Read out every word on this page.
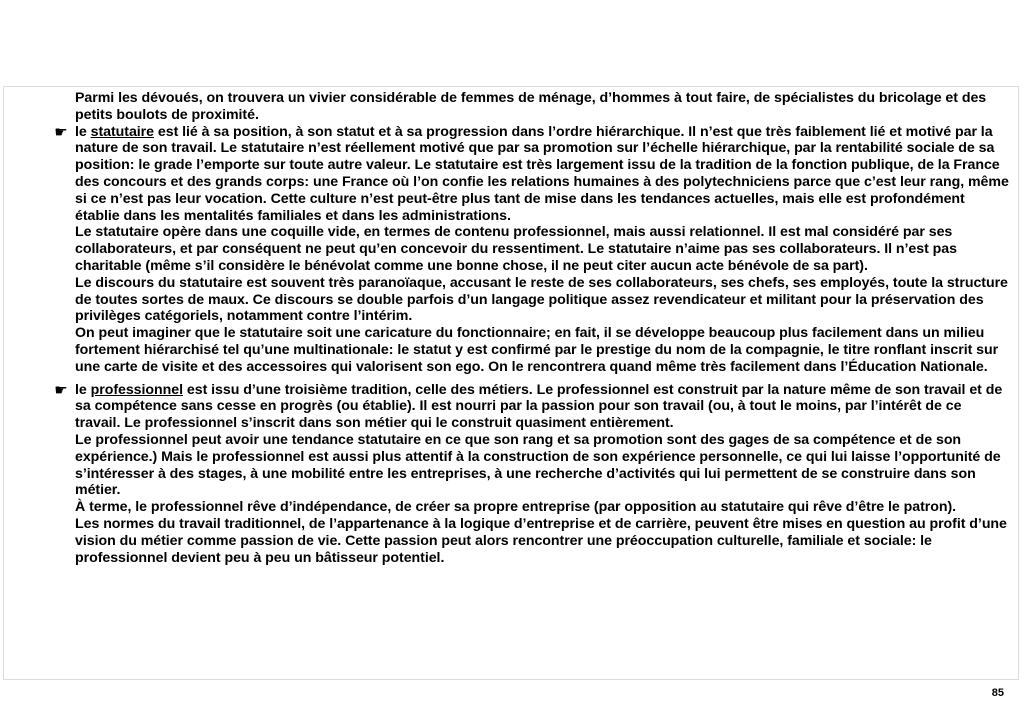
Parmi les dévoués, on trouvera un vivier considérable de femmes de ménage, d’hommes à tout faire, de spécialistes du bricolage et des petits boulots de proximité.

☛ le statutaire est lié à sa position, à son statut et à sa progression dans l’ordre hiérarchique. Il n’est que très faiblement lié et motivé par la nature de son travail. Le statutaire n’est réellement motivé que par sa promotion sur l’échelle hiérarchique, par la rentabilité sociale de sa position: le grade l’emporte sur toute autre valeur. Le statutaire est très largement issu de la tradition de la fonction publique, de la France des concours et des grands corps: une France où l’on confie les relations humaines à des polytechniciens parce que c’est leur rang, même si ce n’est pas leur vocation. Cette culture n’est peut-être plus tant de mise dans les tendances actuelles, mais elle est profondément établie dans les mentalités familiales et dans les administrations.

Le statutaire opère dans une coquille vide, en termes de contenu professionnel, mais aussi relationnel. Il est mal considéré par ses collaborateurs, et par conséquent ne peut qu’en concevoir du ressentiment. Le statutaire n’aime pas ses collaborateurs. Il n’est pas charitable (même s’il considère le bénévolat comme une bonne chose, il ne peut citer aucun acte bénévole de sa part).

Le discours du statutaire est souvent très paranoïaque, accusant le reste de ses collaborateurs, ses chefs, ses employés, toute la structure de toutes sortes de maux. Ce discours se double parfois d’un langage politique assez revendicateur et militant pour la préservation des privilèges catégoriels, notamment contre l’intérim.

On peut imaginer que le statutaire soit une caricature du fonctionnaire; en fait, il se développe beaucoup plus facilement dans un milieu fortement hiérarchisé tel qu’une multinationale: le statut y est confirmé par le prestige du nom de la compagnie, le titre ronflant inscrit sur une carte de visite et des accessoires qui valorisent son ego. On le rencontrera quand même très facilement dans l’Éducation Nationale.

☛ le professionnel est issu d’une troisième tradition, celle des métiers. Le professionnel est construit par la nature même de son travail et de sa compétence sans cesse en progrès (ou établie). Il est nourri par la passion pour son travail (ou, à tout le moins, par l’intérêt de ce travail. Le professionnel s’inscrit dans son métier qui le construit quasiment entièrement.

Le professionnel peut avoir une tendance statutaire en ce que son rang et sa promotion sont des gages de sa compétence et de son expérience.) Mais le professionnel est aussi plus attentif à la construction de son expérience personnelle, ce qui lui laisse l’opportunité de s’intéresser à des stages, à une mobilité entre les entreprises, à une recherche d’activités qui lui permettent de se construire dans son métier.

À terme, le professionnel rêve d’indépendance, de créer sa propre entreprise (par opposition au statutaire qui rêve d’être le patron).

Les normes du travail traditionnel, de l’appartenance à la logique d’entreprise et de carrière, peuvent être mises en question au profit d’une vision du métier comme passion de vie. Cette passion peut alors rencontrer une préoccupation culturelle, familiale et sociale: le professionnel devient peu à peu un bâtisseur potentiel.

85
